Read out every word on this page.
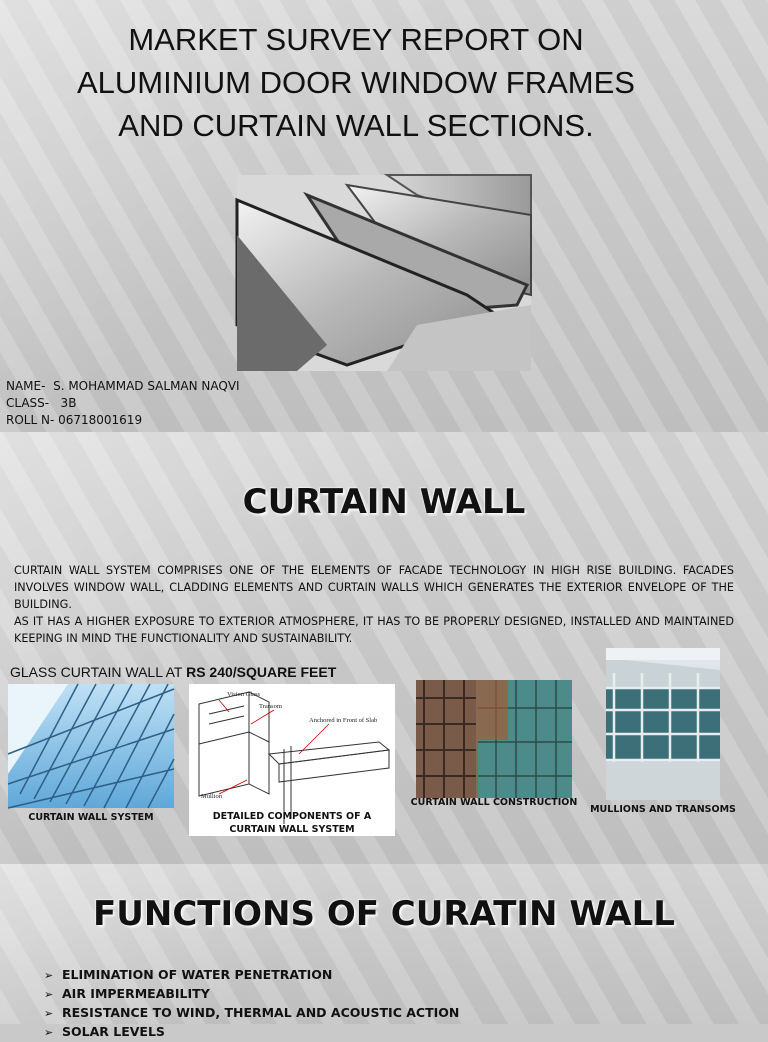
MARKET SURVEY REPORT ON
ALUMINIUM DOOR WINDOW FRAMES
AND CURTAIN WALL SECTIONS.
NAME-  S. MOHAMMAD SALMAN NAQVI
CLASS-   3B
ROLL N- 06718001619
CURTAIN WALL

CURTAIN WALL SYSTEM COMPRISES ONE OF THE ELEMENTS OF FACADE TECHNOLOGY IN HIGH RISE BUILDING. FACADES INVOLVES WINDOW WALL, CLADDING ELEMENTS AND CURTAIN WALLS WHICH GENERATES THE EXTERIOR ENVELOPE OF THE BUILDING.

AS IT HAS A HIGHER EXPOSURE TO EXTERIOR ATMOSPHERE, IT HAS TO BE PROPERLY DESIGNED, INSTALLED AND MAINTAINED KEEPING IN MIND THE FUNCTIONALITY AND SUSTAINABILITY.

GLASS CURTAIN WALL AT RS 240/SQUARE FEET
CURTAIN WALL SYSTEM
Vision Glass
Transom
Anchored in Front of Slab
Mullion
DETAILED COMPONENTS OF A
CURTAIN WALL SYSTEM
CURTAIN WALL CONSTRUCTION
MULLIONS AND TRANSOMS
FUNCTIONS OF CURATIN WALL
➢ ELIMINATION OF WATER PENETRATION
➢ AIR IMPERMEABILITY
➢ RESISTANCE TO WIND, THERMAL AND ACOUSTIC ACTION
➢ SOLAR LEVELS
